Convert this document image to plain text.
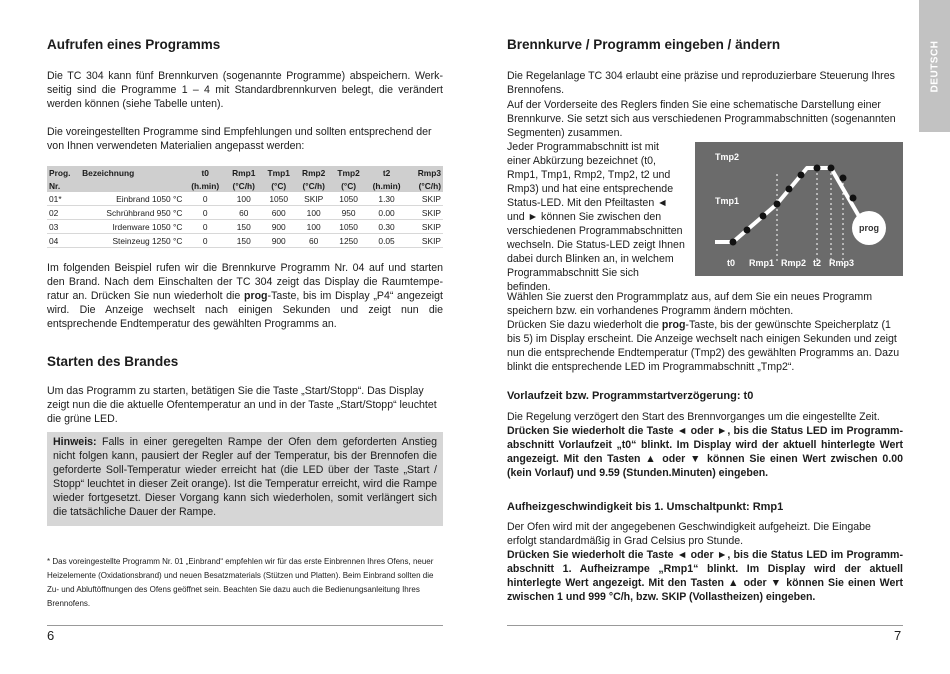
Aufrufen eines Programms

Die TC 304 kann fünf Brennkurven (sogenannte Programme) abspeichern. Werkseitig sind die Programme 1 – 4 mit Standardbrennkurven belegt, die verändert werden können (siehe Tabelle unten).

Die voreingestellten Programme sind Empfehlungen und sollten entsprechend der von Ihnen verwendeten Materialien angepasst werden:

Prog.	Bezeichnung	t0	Rmp1	Tmp1	Rmp2	Tmp2	t2	Rmp3
Nr.		(h.min)	(°C/h)	(°C)	(°C/h)	(°C)	(h.min)	(°C/h)
01*	Einbrand 1050 °C	0	100	1050	SKIP	1050	1.30	SKIP
02	Schrühbrand 950 °C	0	60	600	100	950	0.00	SKIP
03	Irdenware 1050 °C	0	150	900	100	1050	0.30	SKIP
04	Steinzeug 1250 °C	0	150	900	60	1250	0.05	SKIP

Im folgenden Beispiel rufen wir die Brennkurve Programm Nr. 04 auf und starten den Brand. Nach dem Einschalten der TC 304 zeigt das Display die Raumtemperatur an. Drücken Sie nun wiederholt die prog-Taste, bis im Display „P4“ angezeigt wird. Die Anzeige wechselt nach einigen Sekunden und zeigt nun die entsprechende Endtemperatur des gewählten Programms an.

Starten des Brandes

Um das Programm zu starten, betätigen Sie die Taste „Start/Stopp“. Das Display zeigt nun die die aktuelle Ofentemperatur an und in der Taste „Start/Stopp“ leuchtet die grüne LED.

Hinweis: Falls in einer geregelten Rampe der Ofen dem geforderten Anstieg nicht folgen kann, pausiert der Regler auf der Temperatur, bis der Brennofen die geforderte Soll-Temperatur wieder erreicht hat (die LED über der Taste „Start / Stopp“ leuchtet in dieser Zeit orange). Ist die Temperatur erreicht, wird die Rampe wieder fortgesetzt. Dieser Vorgang kann sich wiederholen, somit verlängert sich die tatsächliche Dauer der Rampe.

* Das voreingestellte Programm Nr. 01 „Einbrand“ empfehlen wir für das erste Einbrennen Ihres Ofens, neuer Heizelemente (Oxidationsbrand) und neuen Besatzmaterials (Stützen und Platten). Beim Einbrand sollten die Zu- und Abluftöffnungen des Ofens geöffnet sein. Beachten Sie dazu auch die Bedienungsanleitung Ihres Brennofens.

6
Brennkurve / Programm eingeben / ändern

Die Regelanlage TC 304 erlaubt eine präzise und reproduzierbare Steuerung Ihres Brennofens.

Auf der Vorderseite des Reglers finden Sie eine schematische Darstellung einer Brennkurve. Sie setzt sich aus verschiedenen Programmabschnitten (sogenannten Segmenten) zusammen.

Jeder Programmabschnitt ist mit einer Abkürzung bezeichnet (t0, Rmp1, Tmp1, Rmp2, Tmp2, t2 und Rmp3) und hat eine entsprechende Status-LED. Mit den Pfeiltasten ◄ und ► können Sie zwischen den verschiedenen Programmabschnitten wechseln. Die Status-LED zeigt Ihnen dabei durch Blinken an, in welchem Programmabschnitt Sie sich befinden.

Tmp2
Tmp1
t0 Rmp1 Rmp2 t2 Rmp3
prog

Wählen Sie zuerst den Programmplatz aus, auf dem Sie ein neues Programm speichern bzw. ein vorhandenes Programm ändern möchten.

Drücken Sie dazu wiederholt die prog-Taste, bis der gewünschte Speicherplatz (1 bis 5) im Display erscheint. Die Anzeige wechselt nach einigen Sekunden und zeigt nun die entsprechende Endtemperatur (Tmp2) des gewählten Programms an. Dazu blinkt die entsprechende LED im Programmabschnitt „Tmp2“.

Vorlaufzeit bzw. Programmstartverzögerung: t0

Die Regelung verzögert den Start des Brennvorganges um die eingestellte Zeit.

Drücken Sie wiederholt die Taste ◄ oder ►, bis die Status LED im Programmabschnitt Vorlaufzeit „t0“ blinkt. Im Display wird der aktuell hinterlegte Wert angezeigt. Mit den Tasten ▲ oder ▼ können Sie einen Wert zwischen 0.00 (kein Vorlauf) und 9.59 (Stunden.Minuten) eingeben.

Aufheizgeschwindigkeit bis 1. Umschaltpunkt: Rmp1

Der Ofen wird mit der angegebenen Geschwindigkeit aufgeheizt. Die Eingabe erfolgt standardmäßig in Grad Celsius pro Stunde.

Drücken Sie wiederholt die Taste ◄ oder ►, bis die Status LED im Programmabschnitt 1. Aufheizrampe „Rmp1“ blinkt. Im Display wird der aktuell hinterlegte Wert angezeigt. Mit den Tasten ▲ oder ▼ können Sie einen Wert zwischen 1 und 999 °C/h, bzw. SKIP (Vollastheizen) eingeben.

7
DEUTSCH
